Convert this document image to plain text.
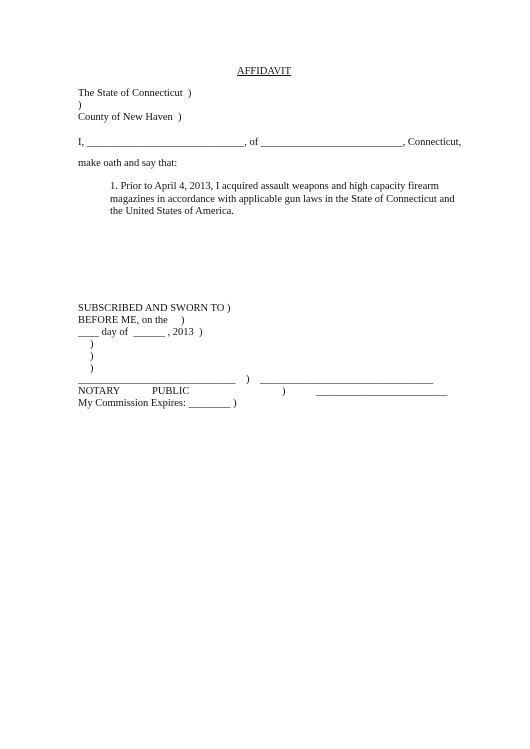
AFFIDAVIT
The State of Connecticut  )
)
County of New Haven  )
I, ______________________________, of ___________________________, Connecticut,
make oath and say that:
1. Prior to April 4, 2013, I acquired assault weapons and high capacity firearm magazines in accordance with applicable gun laws in the State of Connecticut and the United States of America.
SUBSCRIBED AND SWORN TO )
BEFORE ME, on the     )
____ day of  ______ , 2013  )
)
)
)
______________________________    )    _________________________________
NOTARY	PUBLIC	)	_________________________
My Commission Expires: ________ )
